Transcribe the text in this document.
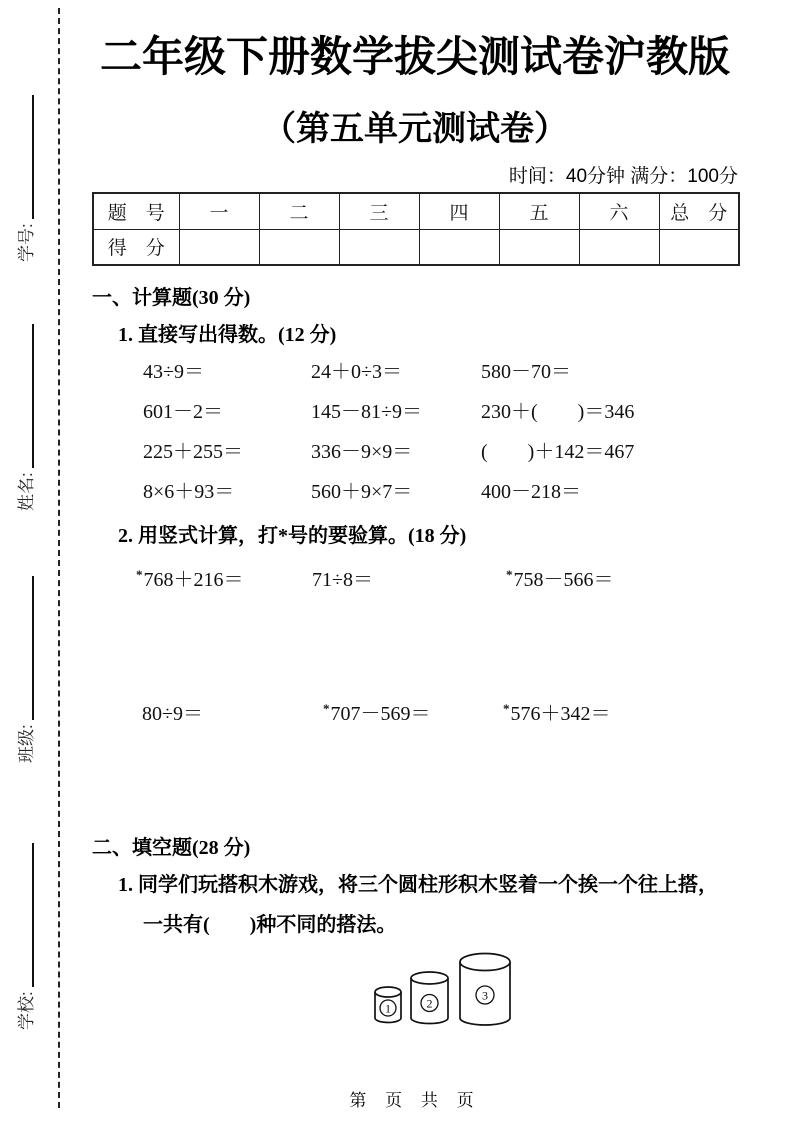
学号:
姓名:
班级:
学校:
二年级下册数学拔尖测试卷沪教版
（第五单元测试卷）
时间：40分钟 满分：100分
题　号	一	二	三	四	五	六	总　分
得　分							
一、计算题(30 分)
1. 直接写出得数。(12 分)
43÷9＝	24＋0÷3＝	580－70＝
601－2＝	145－81÷9＝	230＋(　　)＝346
225＋255＝	336－9×9＝	(　　)＋142＝467
8×6＋93＝	560＋9×7＝	400－218＝
2. 用竖式计算，打*号的要验算。(18 分)
*768＋216＝	71÷8＝	*758－566＝
80÷9＝	*707－569＝	*576＋342＝
二、填空题(28 分)
1. 同学们玩搭积木游戏，将三个圆柱形积木竖着一个挨一个往上搭，
一共有(　　)种不同的搭法。
1	2
3
第 页 共 页
